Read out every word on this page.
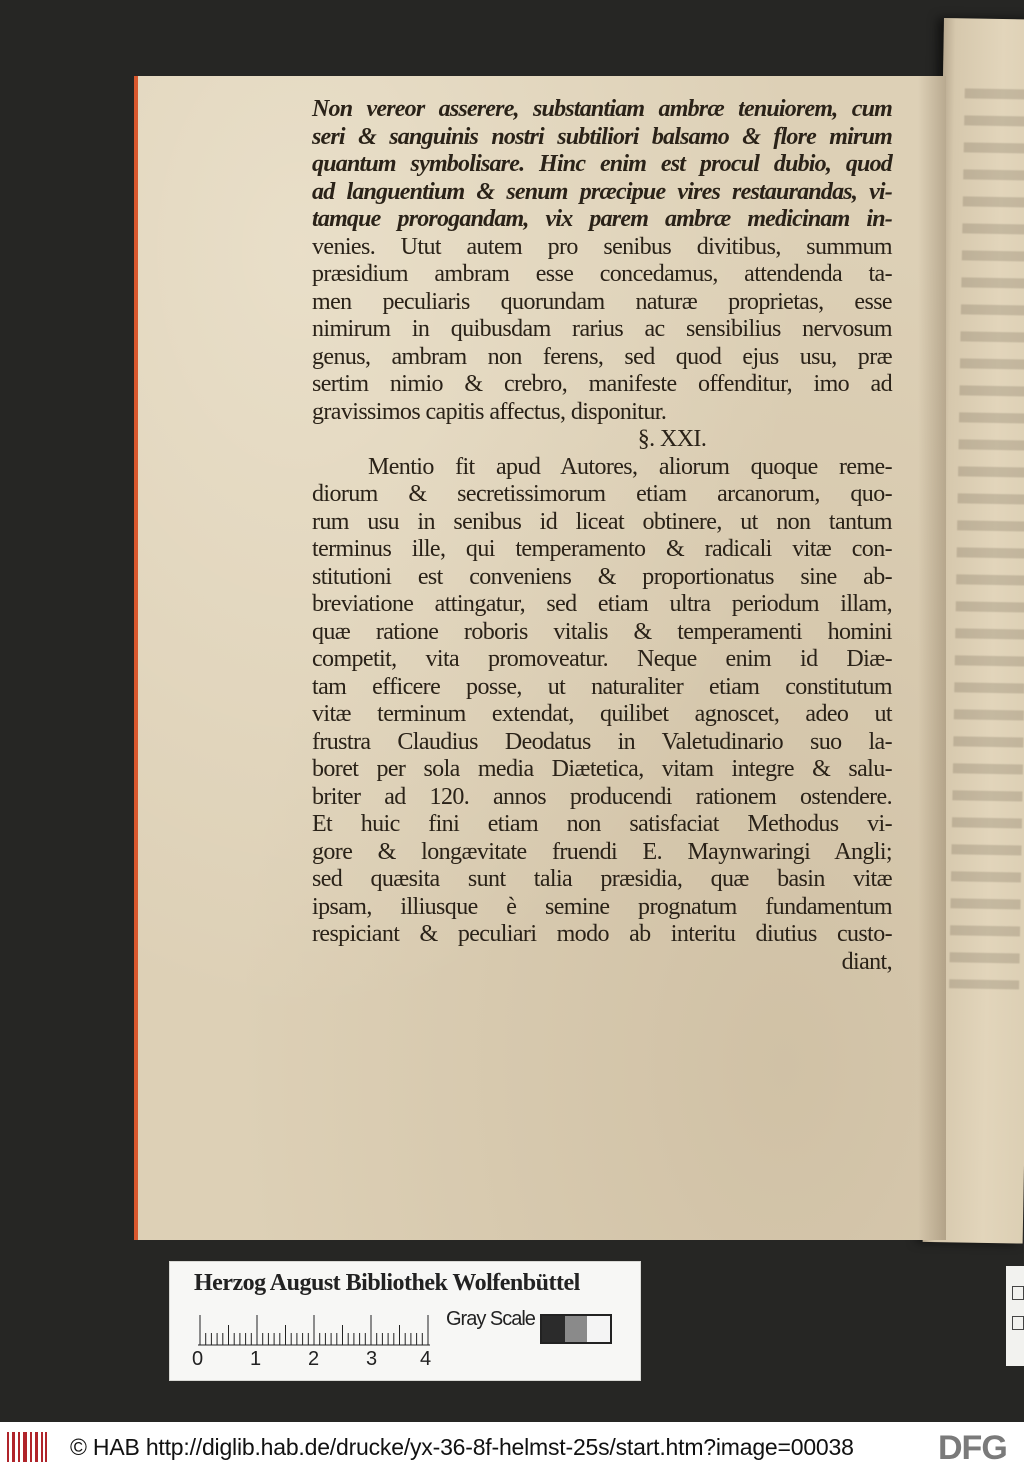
Non vereor asserere, substantiam ambræ tenuiorem, cum
seri & sanguinis nostri subtiliori balsamo & flore mirum
quantum symbolisare. Hinc enim est procul dubio, quod
ad languentium & senum præcipue vires restaurandas, vi-
tamque prorogandam, vix parem ambræ medicinam in-
venies. Utut autem pro senibus divitibus, summum
præsidium ambram esse concedamus, attendenda ta-
men peculiaris quorundam naturæ proprietas, esse
nimirum in quibusdam rarius ac sensibilius nervosum
genus, ambram non ferens, sed quod ejus usu, præ
sertim nimio & crebro, manifeste offenditur, imo ad
gravissimos capitis affectus, disponitur.
§. XXI.
Mentio fit apud Autores, aliorum quoque reme-
diorum & secretissimorum etiam arcanorum, quo-
rum usu in senibus id liceat obtinere, ut non tantum
terminus ille, qui temperamento & radicali vitæ con-
stitutioni est conveniens & proportionatus sine ab-
breviatione attingatur, sed etiam ultra periodum illam,
quæ ratione roboris vitalis & temperamenti homini
competit, vita promoveatur. Neque enim id Diæ-
tam efficere posse, ut naturaliter etiam constitutum
vitæ terminum extendat, quilibet agnoscet, adeo ut
frustra Claudius Deodatus in Valetudinario suo la-
boret per sola media Diætetica, vitam integre & salu-
briter ad 120. annos producendi rationem ostendere.
Et huic fini etiam non satisfaciat Methodus vi-
gore & longævitate fruendi E. Maynwaringi Angli;
sed quæsita sunt talia præsidia, quæ basin vitæ
ipsam, illiusque è semine prognatum fundamentum
respiciant & peculiari modo ab interitu diutius custo-
diant,
Herzog August Bibliothek Wolfenbüttel
Gray Scale
0 1 2 3 4
© HAB http://diglib.hab.de/drucke/yx-36-8f-helmst-25s/start.htm?image=00038	DFG
